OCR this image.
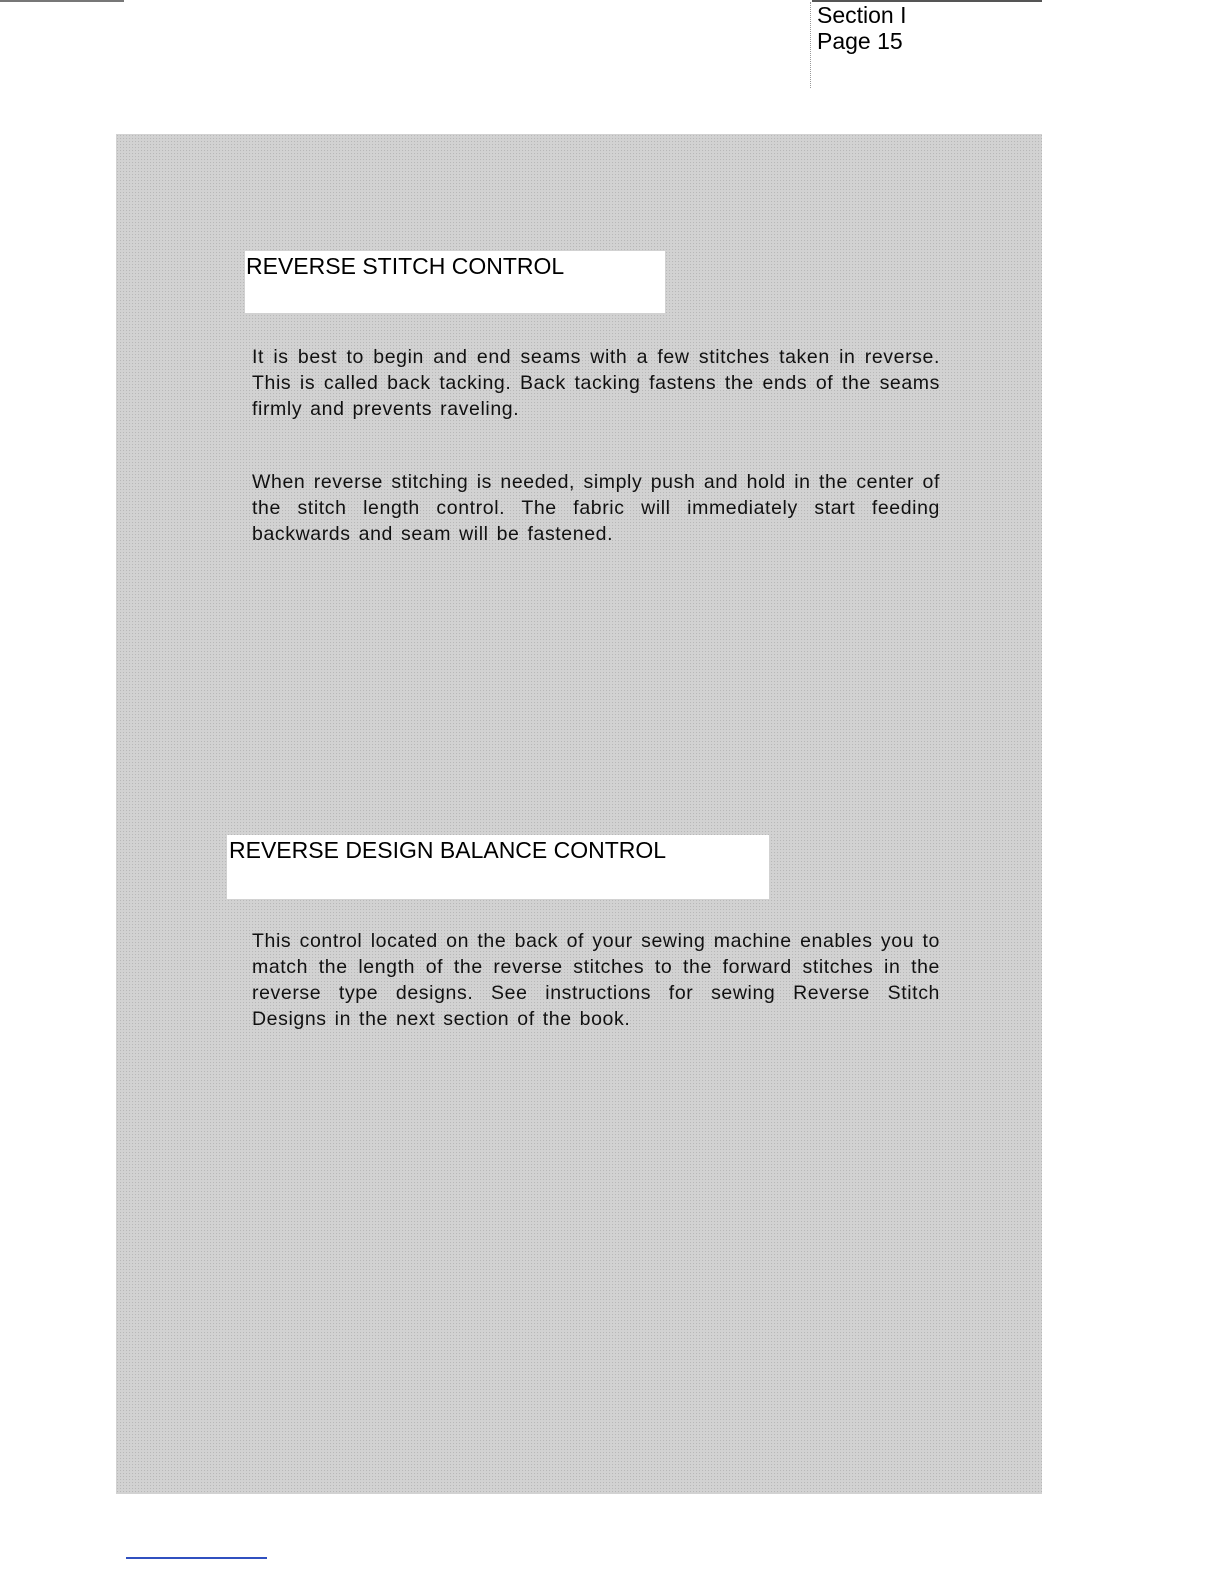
Section I
Page 15
REVERSE STITCH CONTROL
It is best to begin and end seams with a few stitches taken in reverse. This is called back tacking. Back tacking fastens the ends of the seams firmly and prevents raveling.
When reverse stitching is needed, simply push and hold in the center of the stitch length control. The fabric will immediately start feeding backwards and seam will be fastened.
REVERSE DESIGN BALANCE CONTROL
This control located on the back of your sewing machine enables you to match the length of the reverse stitches to the forward stitches in the reverse type designs. See instructions for sewing Reverse Stitch Designs in the next section of the book.
